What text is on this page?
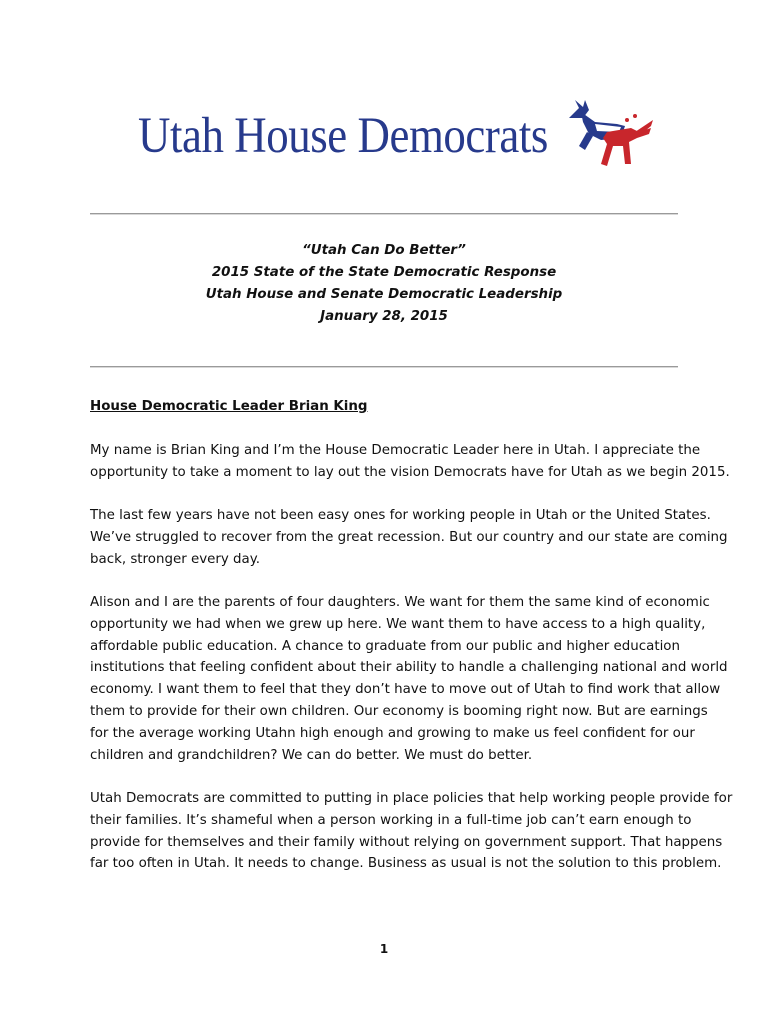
Utah House Democrats
“Utah Can Do Better”
2015 State of the State Democratic Response
Utah House and Senate Democratic Leadership
January 28, 2015
House Democratic Leader Brian King
My name is Brian King and I’m the House Democratic Leader here in Utah. I appreciate the
opportunity to take a moment to lay out the vision Democrats have for Utah as we begin 2015.
The last few years have not been easy ones for working people in Utah or the United States.
We’ve struggled to recover from the great recession. But our country and our state are coming
back, stronger every day.
Alison and I are the parents of four daughters. We want for them the same kind of economic
opportunity we had when we grew up here. We want them to have access to a high quality,
affordable public education. A chance to graduate from our public and higher education
institutions that feeling confident about their ability to handle a challenging national and world
economy. I want them to feel that they don’t have to move out of Utah to find work that allow
them to provide for their own children. Our economy is booming right now. But are earnings
for the average working Utahn high enough and growing to make us feel confident for our
children and grandchildren? We can do better. We must do better.
Utah Democrats are committed to putting in place policies that help working people provide for
their families. It’s shameful when a person working in a full-time job can’t earn enough to
provide for themselves and their family without relying on government support. That happens
far too often in Utah. It needs to change. Business as usual is not the solution to this problem.
1
